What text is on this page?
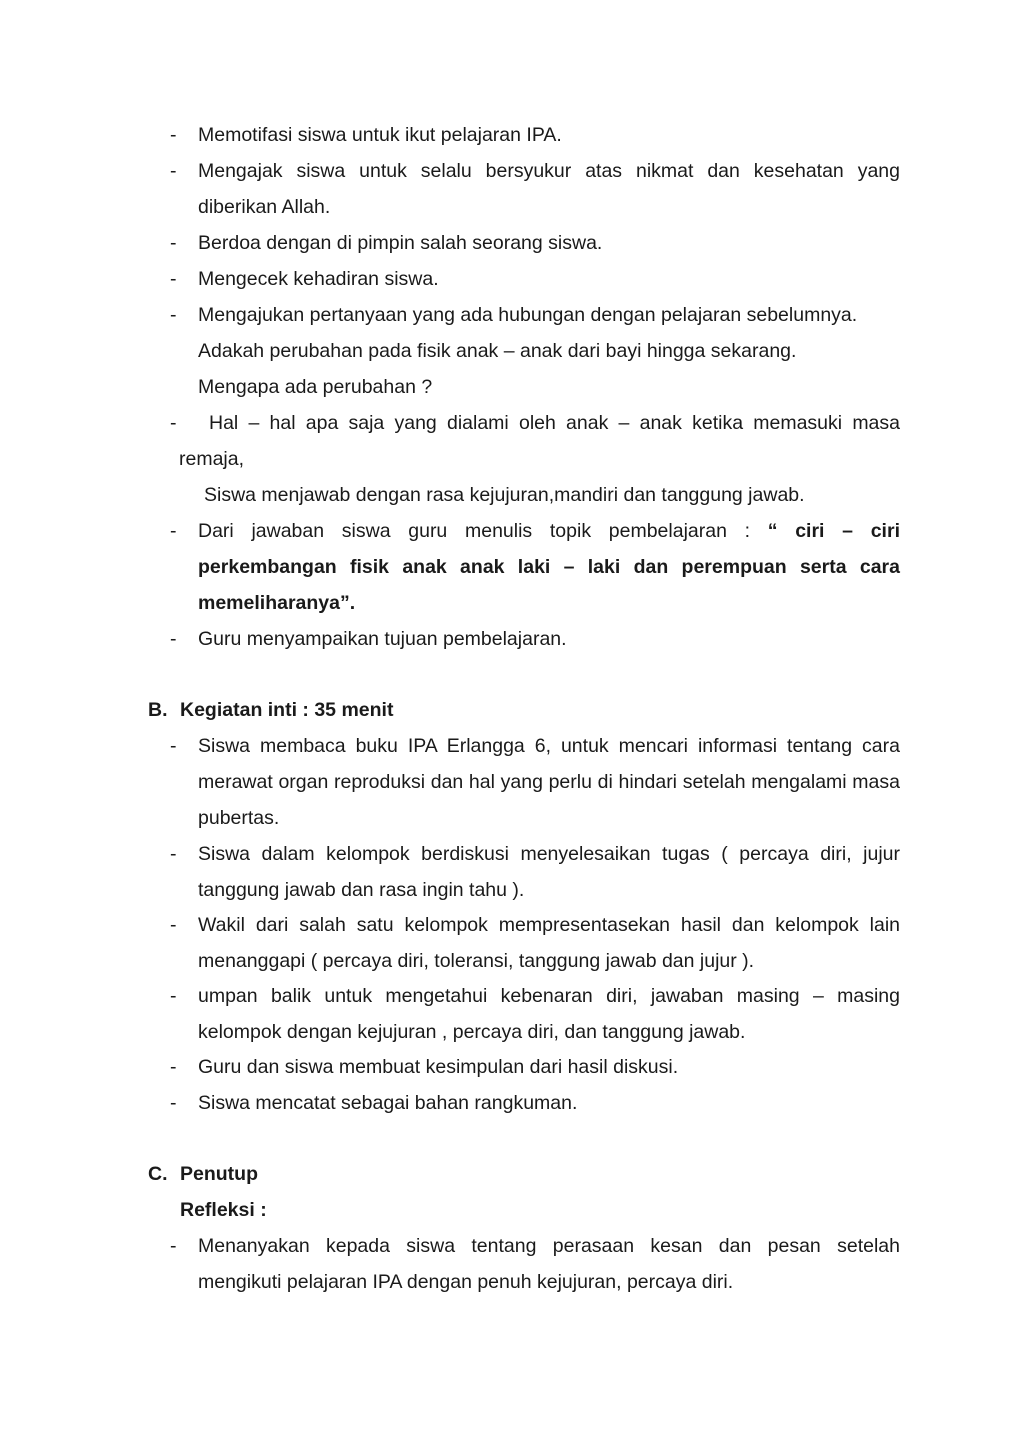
- Memotifasi siswa untuk ikut pelajaran IPA.
- Mengajak siswa untuk selalu bersyukur atas nikmat dan kesehatan yang diberikan Allah.
- Berdoa dengan di pimpin salah seorang siswa.
- Mengecek kehadiran siswa.
- Mengajukan pertanyaan yang ada hubungan dengan pelajaran sebelumnya.
Adakah perubahan pada fisik anak – anak dari bayi hingga sekarang.
Mengapa ada perubahan ?
-	Hal – hal apa saja yang dialami oleh anak – anak ketika memasuki masa
remaja,
Siswa menjawab dengan rasa kejujuran,mandiri dan tanggung jawab.
- Dari jawaban siswa guru menulis topik pembelajaran : “ ciri – ciri perkembangan fisik anak anak laki – laki dan perempuan serta cara memeliharanya”.
- Guru menyampaikan tujuan pembelajaran.
B. Kegiatan inti : 35 menit
- Siswa membaca buku IPA Erlangga 6, untuk mencari informasi tentang cara merawat organ reproduksi dan hal yang perlu di hindari setelah mengalami masa pubertas.
- Siswa dalam kelompok berdiskusi menyelesaikan tugas ( percaya diri, jujur tanggung jawab dan rasa ingin tahu ).
- Wakil dari salah satu kelompok mempresentasekan hasil dan kelompok lain menanggapi ( percaya diri, toleransi, tanggung jawab dan jujur ).
- umpan balik untuk mengetahui kebenaran diri, jawaban masing – masing kelompok dengan kejujuran , percaya diri, dan tanggung jawab.
- Guru dan siswa membuat kesimpulan dari hasil diskusi.
- Siswa mencatat sebagai bahan rangkuman.
C. Penutup
Refleksi :
- Menanyakan kepada siswa tentang perasaan kesan dan pesan setelah mengikuti pelajaran IPA dengan penuh kejujuran, percaya diri.
